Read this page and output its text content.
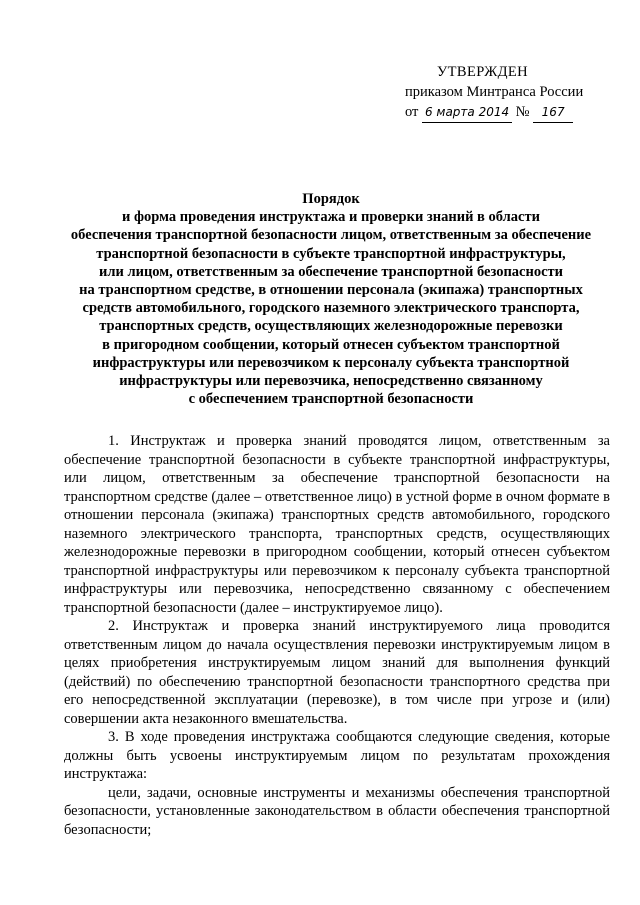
УТВЕРЖДЕН
приказом Минтранса России
от 6 марта 2014 № 167
Порядок
и форма проведения инструктажа и проверки знаний в области
обеспечения транспортной безопасности лицом, ответственным за обеспечение
транспортной безопасности в субъекте транспортной инфраструктуры,
или лицом, ответственным за обеспечение транспортной безопасности
на транспортном средстве, в отношении персонала (экипажа) транспортных
средств автомобильного, городского наземного электрического транспорта,
транспортных средств, осуществляющих железнодорожные перевозки
в пригородном сообщении, который отнесен субъектом транспортной
инфраструктуры или перевозчиком к персоналу субъекта транспортной
инфраструктуры или перевозчика, непосредственно связанному
с обеспечением транспортной безопасности

1. Инструктаж и проверка знаний проводятся лицом, ответственным за обеспечение транспортной безопасности в субъекте транспортной инфраструктуры, или лицом, ответственным за обеспечение транспортной безопасности на транспортном средстве (далее – ответственное лицо) в устной форме в очном формате в отношении персонала (экипажа) транспортных средств автомобильного, городского наземного электрического транспорта, транспортных средств, осуществляющих железнодорожные перевозки в пригородном сообщении, который отнесен субъектом транспортной инфраструктуры или перевозчиком к персоналу субъекта транспортной инфраструктуры или перевозчика, непосредственно связанному с обеспечением транспортной безопасности (далее – инструктируемое лицо).

2. Инструктаж и проверка знаний инструктируемого лица проводится ответственным лицом до начала осуществления перевозки инструктируемым лицом в целях приобретения инструктируемым лицом знаний для выполнения функций (действий) по обеспечению транспортной безопасности транспортного средства при его непосредственной эксплуатации (перевозке), в том числе при угрозе и (или) совершении акта незаконного вмешательства.

3. В ходе проведения инструктажа сообщаются следующие сведения, которые должны быть усвоены инструктируемым лицом по результатам прохождения инструктажа:

цели, задачи, основные инструменты и механизмы обеспечения транспортной безопасности, установленные законодательством в области обеспечения транспортной безопасности;
